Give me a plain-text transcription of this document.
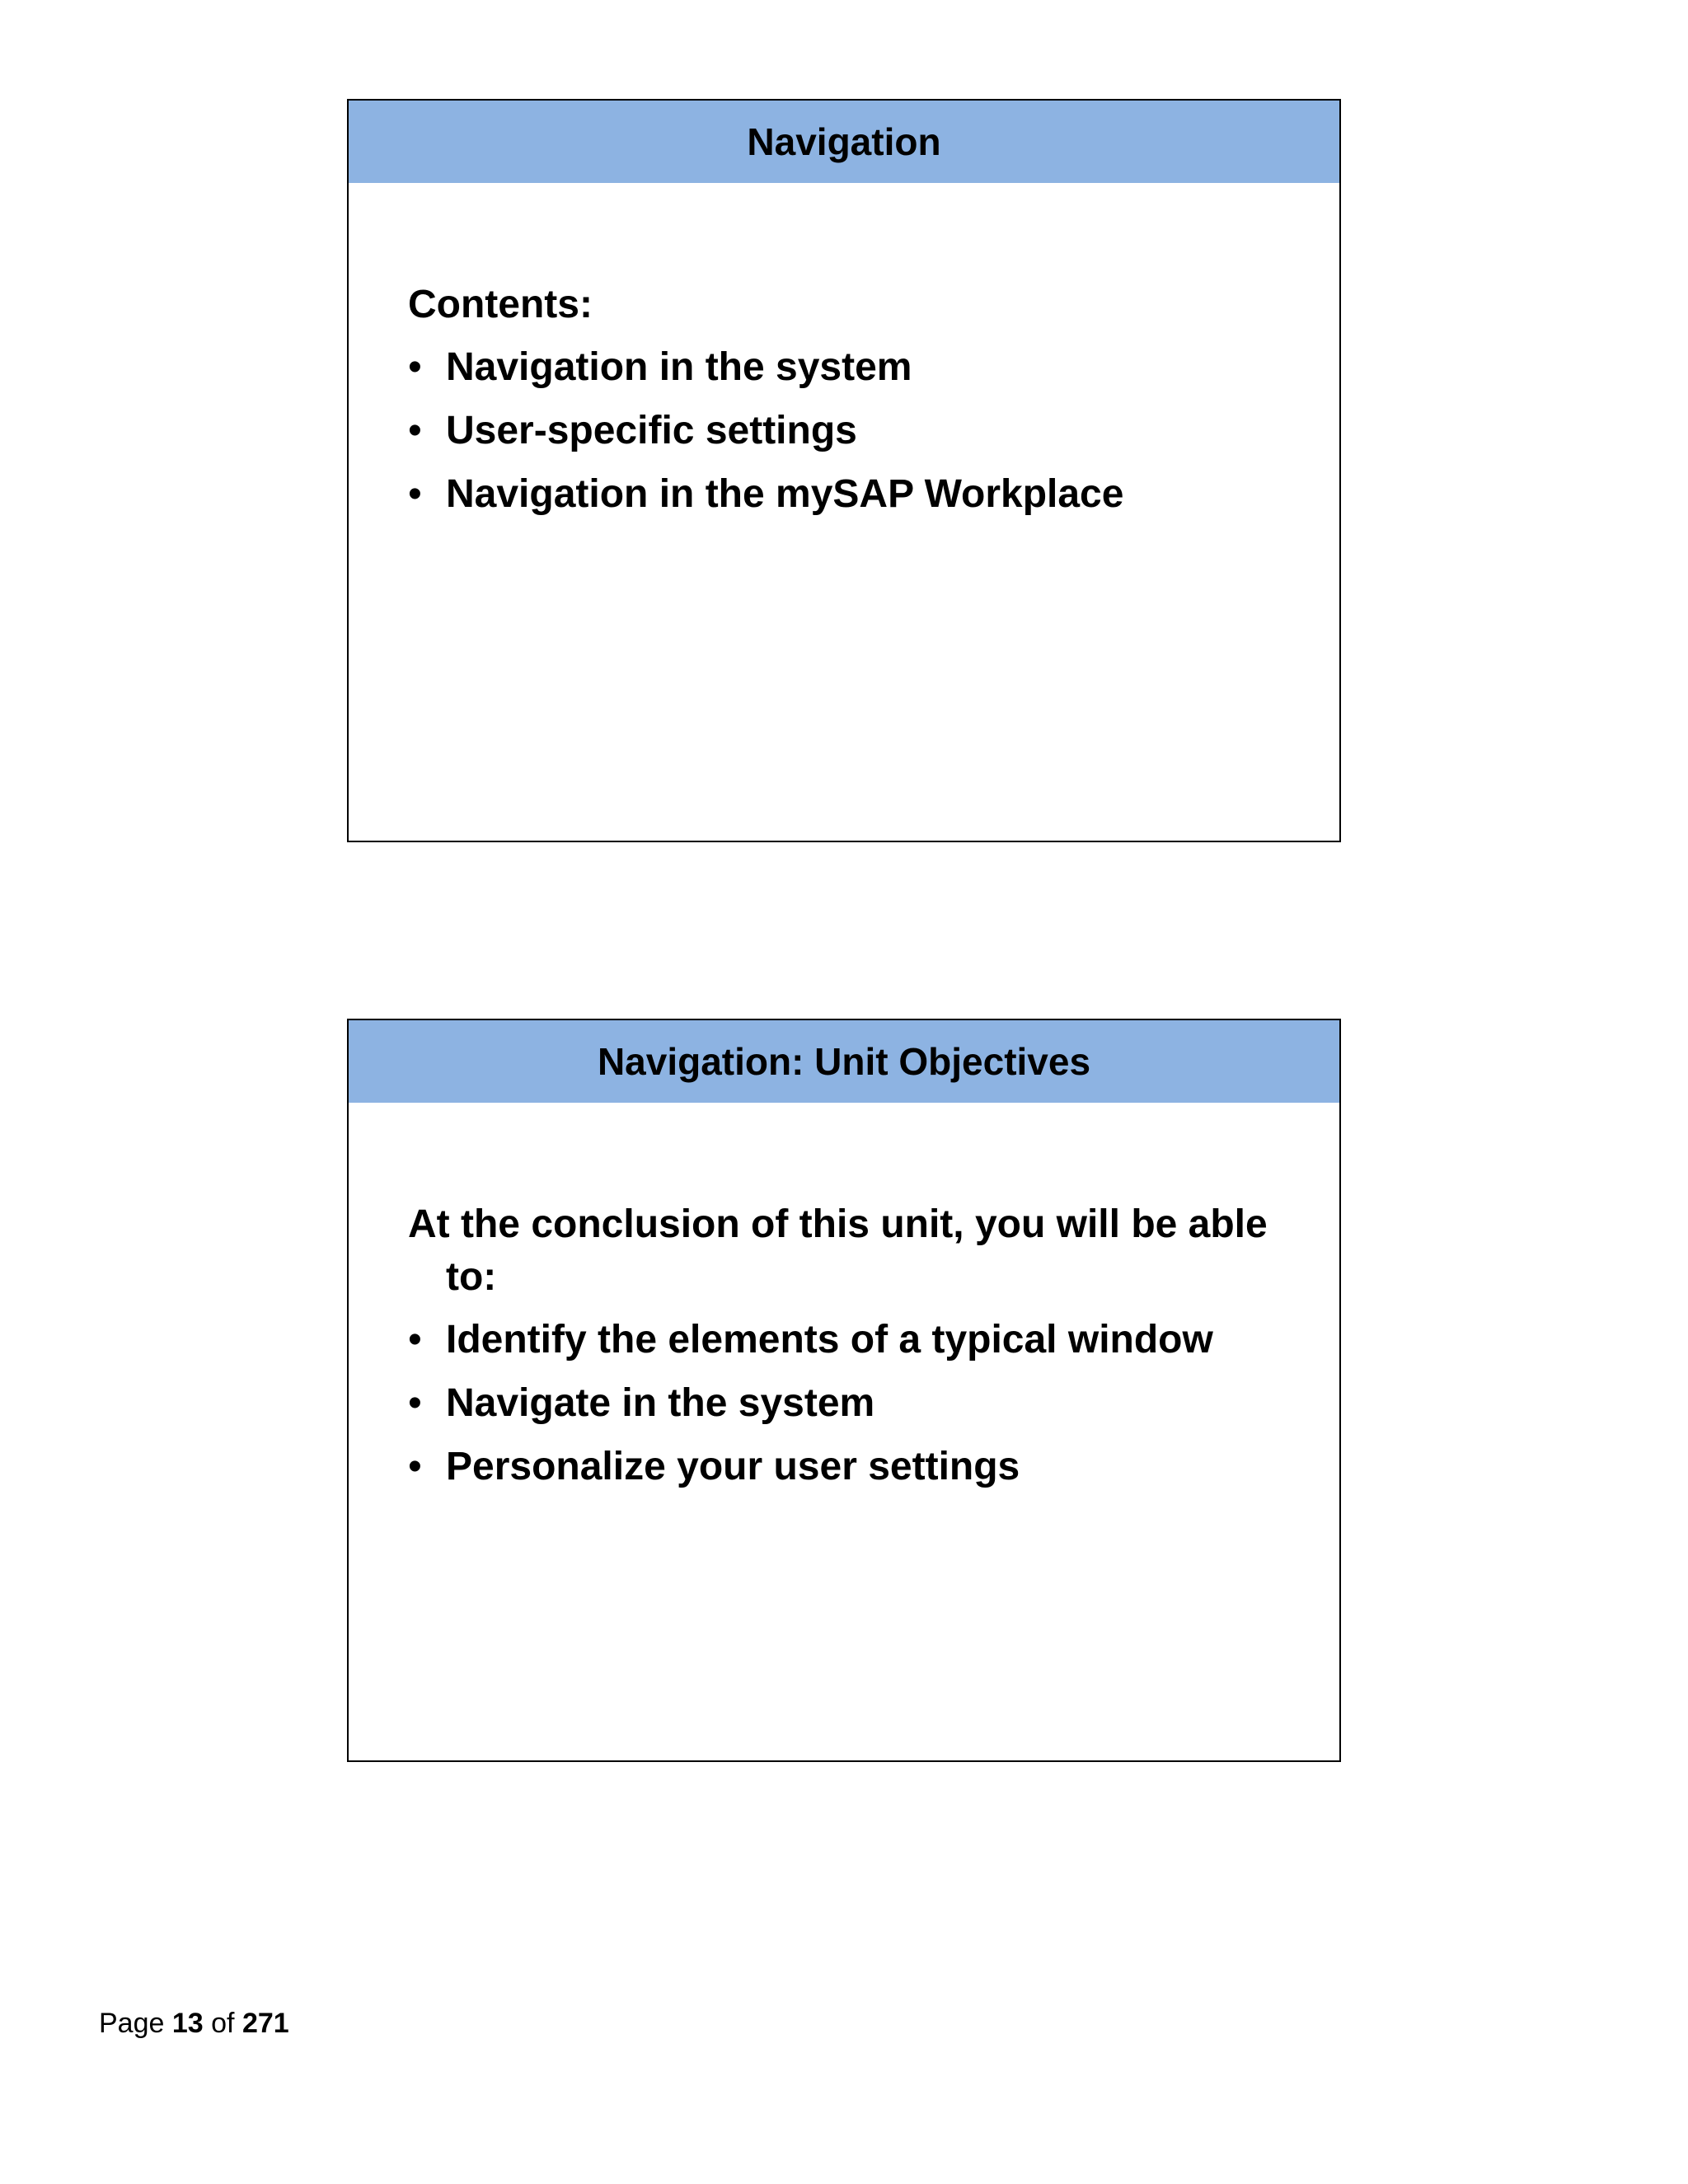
Navigation

Contents:

• Navigation in the system
• User-specific settings
• Navigation in the mySAP Workplace
Navigation: Unit Objectives

At the conclusion of this unit, you will be able to:

• Identify the elements of a typical window
• Navigate in the system
• Personalize your user settings
Page 13 of 271
